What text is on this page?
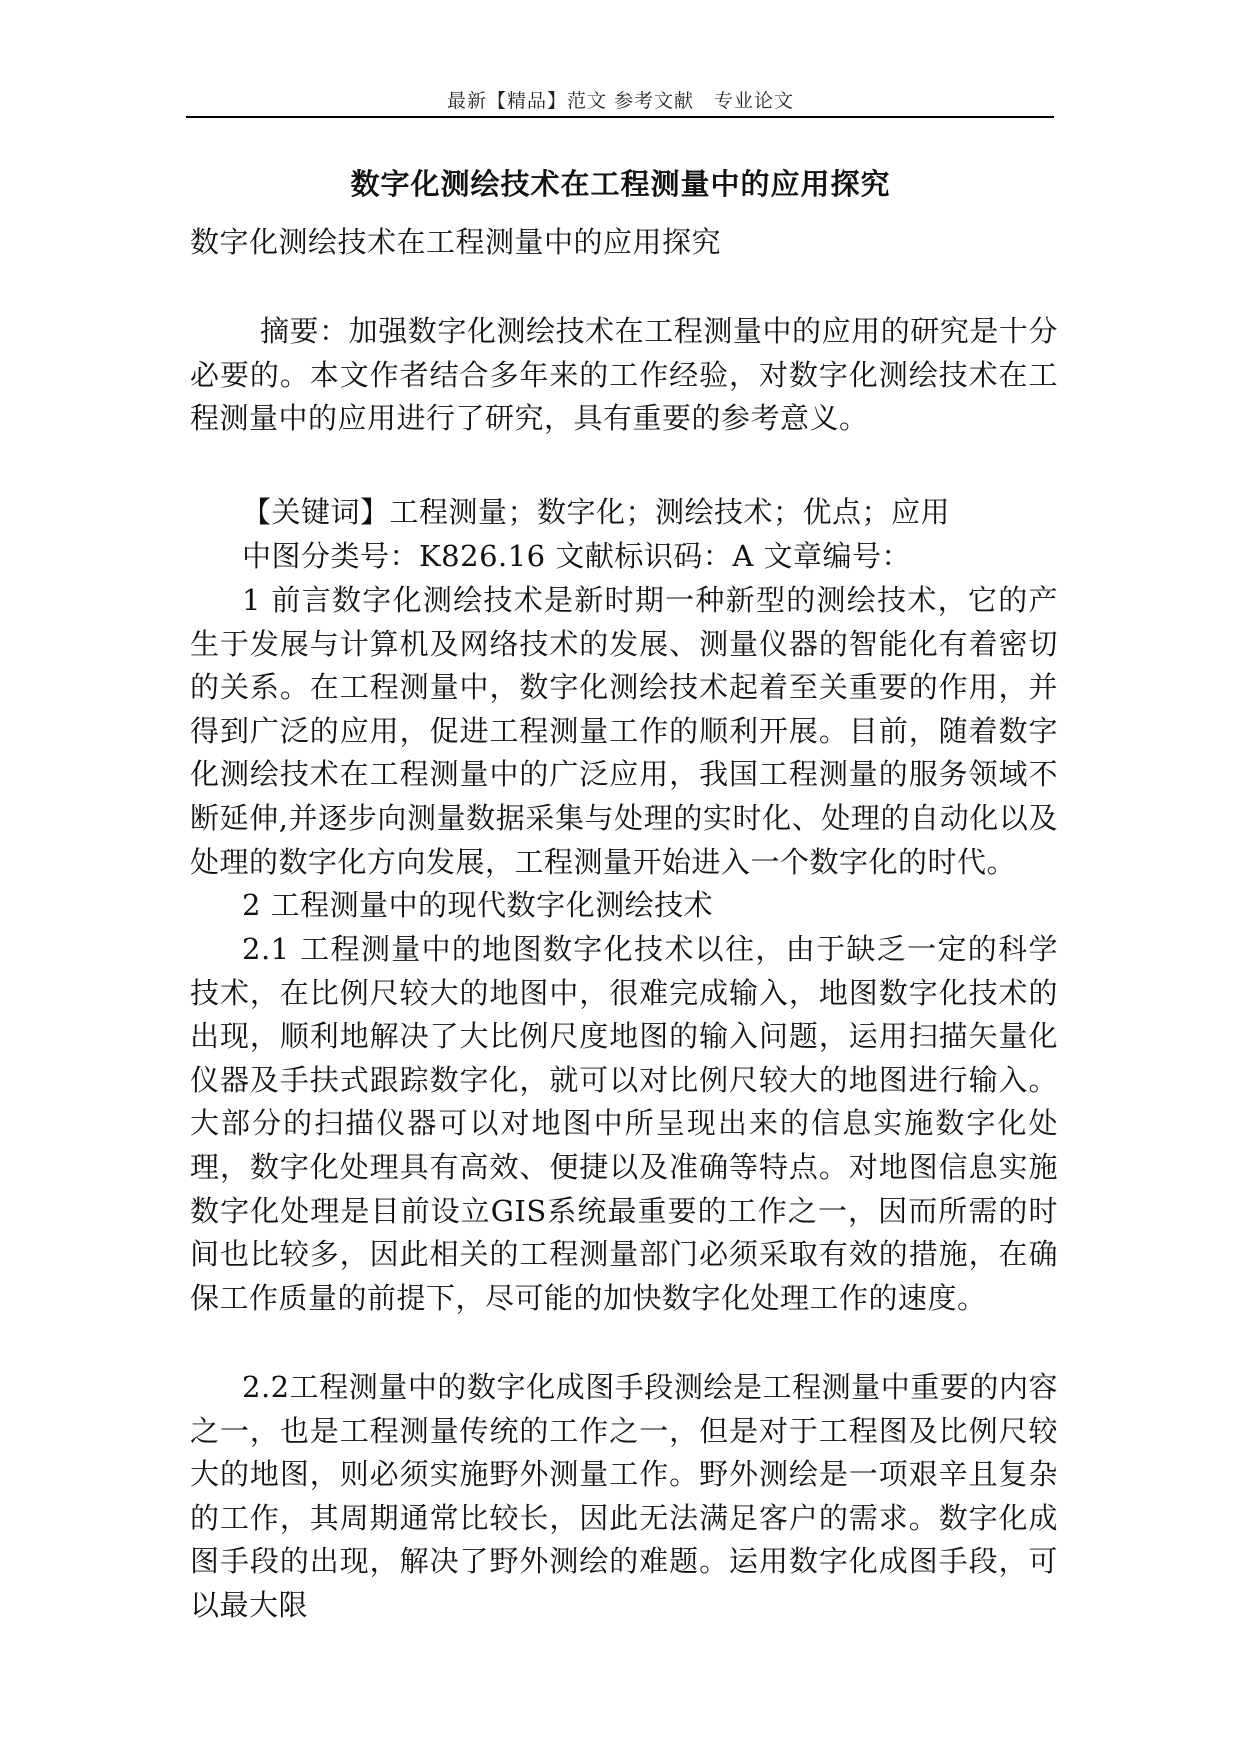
最新【精品】范文 参考文献　专业论文
数字化测绘技术在工程测量中的应用探究
数字化测绘技术在工程测量中的应用探究
摘要：加强数字化测绘技术在工程测量中的应用的研究是十分必要的。本文作者结合多年来的工作经验，对数字化测绘技术在工程测量中的应用进行了研究，具有重要的参考意义。
【关键词】工程测量；数字化；测绘技术；优点；应用
中图分类号：K826.16 文献标识码：A 文章编号：
1 前言数字化测绘技术是新时期一种新型的测绘技术，它的产生于发展与计算机及网络技术的发展、测量仪器的智能化有着密切的关系。在工程测量中，数字化测绘技术起着至关重要的作用，并得到广泛的应用，促进工程测量工作的顺利开展。目前，随着数字化测绘技术在工程测量中的广泛应用，我国工程测量的服务领域不断延伸,并逐步向测量数据采集与处理的实时化、处理的自动化以及处理的数字化方向发展，工程测量开始进入一个数字化的时代。
2 工程测量中的现代数字化测绘技术
2.1 工程测量中的地图数字化技术以往，由于缺乏一定的科学技术，在比例尺较大的地图中，很难完成输入，地图数字化技术的出现，顺利地解决了大比例尺度地图的输入问题，运用扫描矢量化仪器及手扶式跟踪数字化，就可以对比例尺较大的地图进行输入。大部分的扫描仪器可以对地图中所呈现出来的信息实施数字化处理，数字化处理具有高效、便捷以及准确等特点。对地图信息实施数字化处理是目前设立GIS系统最重要的工作之一，因而所需的时间也比较多，因此相关的工程测量部门必须采取有效的措施，在确保工作质量的前提下，尽可能的加快数字化处理工作的速度。
2.2工程测量中的数字化成图手段测绘是工程测量中重要的内容之一，也是工程测量传统的工作之一，但是对于工程图及比例尺较大的地图，则必须实施野外测量工作。野外测绘是一项艰辛且复杂的工作，其周期通常比较长，因此无法满足客户的需求。数字化成图手段的出现，解决了野外测绘的难题。运用数字化成图手段，可以最大限
